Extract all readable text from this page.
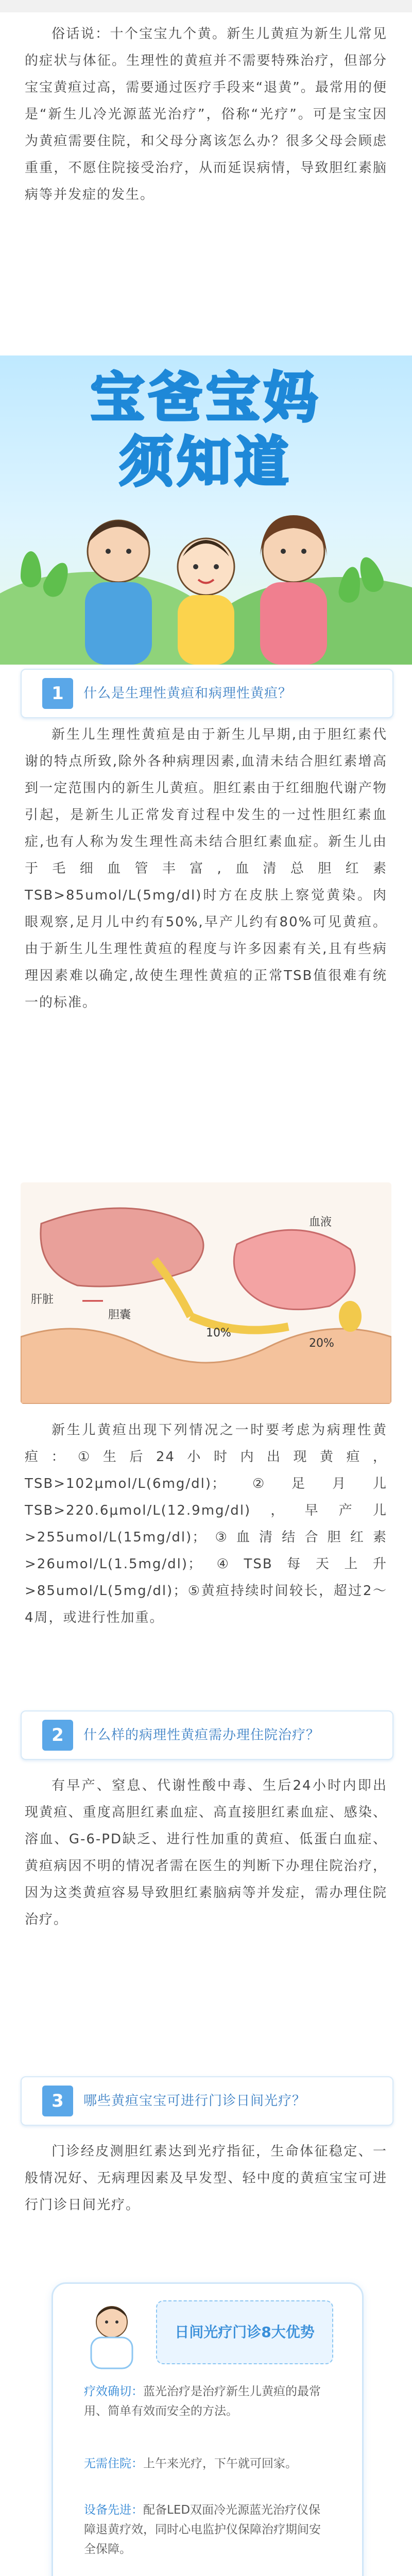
俗话说：十个宝宝九个黄。新生儿黄疸为新生儿常见的症状与体征。生理性的黄疸并不需要特殊治疗，但部分宝宝黄疸过高，需要通过医疗手段来“退黄”。最常用的便是“新生儿冷光源蓝光治疗”，俗称“光疗”。可是宝宝因为黄疸需要住院，和父母分离该怎么办？很多父母会顾虑重重，不愿住院接受治疗，从而延误病情，导致胆红素脑病等并发症的发生。

宝爸宝妈
须知道
1	什么是生理性黄疸和病理性黄疸？

新生儿生理性黄疸是由于新生儿早期,由于胆红素代谢的特点所致,除外各种病理因素,血清未结合胆红素增高到一定范围内的新生儿黄疸。胆红素由于红细胞代谢产物引起，是新生儿正常发育过程中发生的一过性胆红素血症,也有人称为发生理性高未结合胆红素血症。新生儿由于毛细血管丰富,血清总胆红素TSB>85umol/L(5mg/dl)时方在皮肤上察觉黄染。肉眼观察,足月儿中约有50%,早产儿约有80%可见黄疸。由于新生儿生理性黄疸的程度与许多因素有关,且有些病理因素难以确定,故使生理性黄疸的正常TSB值很难有统一的标准。

肝脏
胆囊
血液
10%
20%

新生儿黄疸出现下列情况之一时要考虑为病理性黄疸：①生后24小时内出现黄疸，TSB>102μmol/L(6mg/dl)；②足月儿TSB>220.6μmol/L(12.9mg/dl)，早产儿>255umol/L(15mg/dl)；③血清结合胆红素>26umol/L(1.5mg/dl)；④TSB每天上升>85umol/L(5mg/dl)；⑤黄疸持续时间较长，超过2～4周，或进行性加重。

2	什么样的病理性黄疸需办理住院治疗？

有早产、窒息、代谢性酸中毒、生后24小时内即出现黄疸、重度高胆红素血症、高直接胆红素血症、感染、溶血、G-6-PD缺乏、进行性加重的黄疸、低蛋白血症、黄疸病因不明的情况者需在医生的判断下办理住院治疗，因为这类黄疸容易导致胆红素脑病等并发症，需办理住院治疗。

3	哪些黄疸宝宝可进行门诊日间光疗？

门诊经皮测胆红素达到光疗指征，生命体征稳定、一般情况好、无病理因素及早发型、轻中度的黄疸宝宝可进行门诊日间光疗。

日间光疗门诊8大优势

疗效确切：蓝光治疗是治疗新生儿黄疸的最常用、简单有效而安全的方法。

无需住院：上午来光疗，下午就可回家。

设备先进：配备LED双面冷光源蓝光治疗仪保障退黄疗效，同时心电监护仪保障治疗期间安全保障。
